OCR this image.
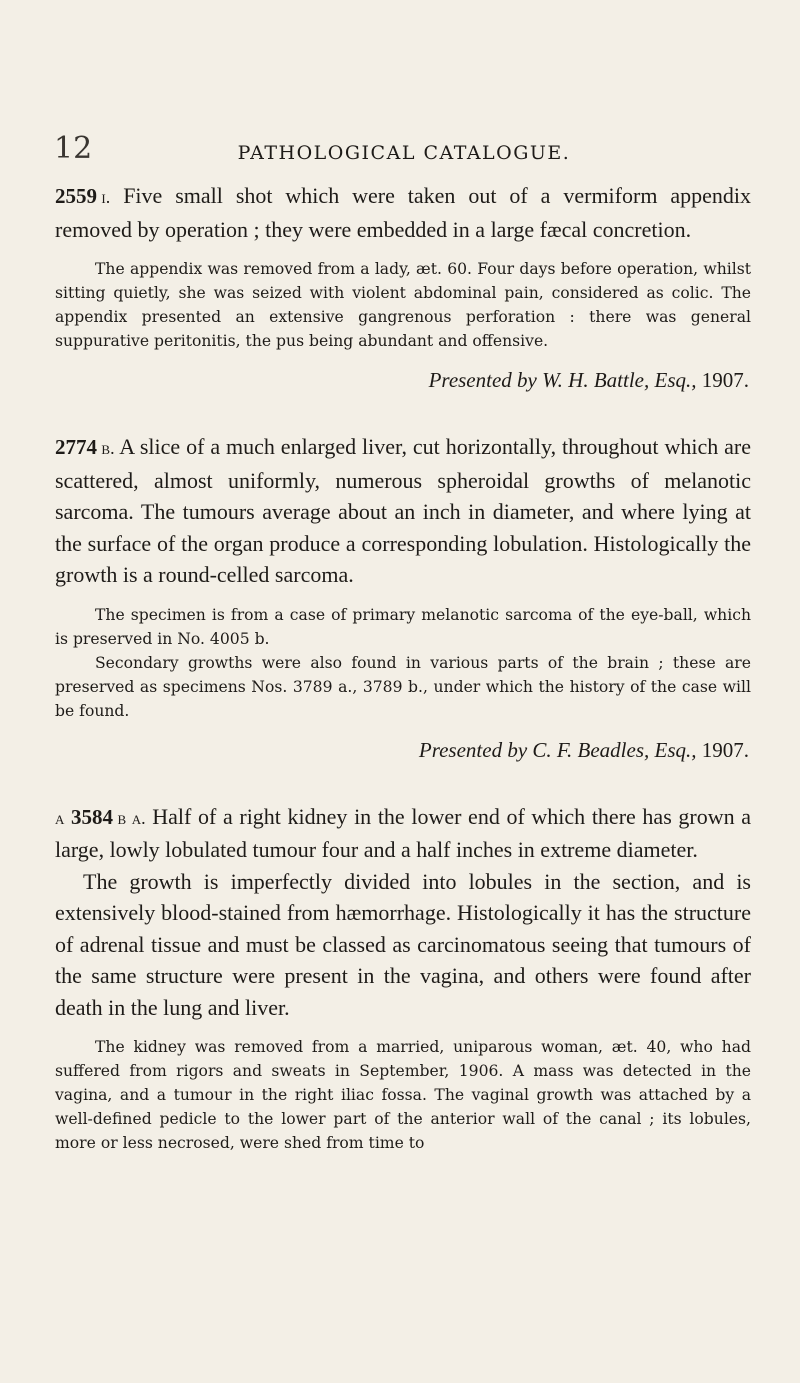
12	PATHOLOGICAL CATALOGUE.

2559  i. Five small shot which were taken out of a vermiform appendix removed by operation ; they were embedded in a large fæcal concretion.

The appendix was removed from a lady, æt. 60. Four days before operation, whilst sitting quietly, she was seized with violent abdominal pain, considered as colic. The appendix presented an extensive gangrenous perforation : there was general suppurative peritonitis, the pus being abundant and offensive.

Presented by W. H. Battle, Esq., 1907.

2774  b. A slice of a much enlarged liver, cut horizontally, throughout which are scattered, almost uniformly, numerous spheroidal growths of melanotic sarcoma. The tumours average about an inch in diameter, and where lying at the surface of the organ produce a corresponding lobulation. Histologically the growth is a round-celled sarcoma.

The specimen is from a case of primary melanotic sarcoma of the eye-ball, which is preserved in No. 4005 b.

Secondary growths were also found in various parts of the brain ; these are preserved as specimens Nos. 3789 a., 3789 b., under which the history of the case will be found.

Presented by C. F. Beadles, Esq., 1907.

a 3584  b a. Half of a right kidney in the lower end of which there has grown a large, lowly lobulated tumour four and a half inches in extreme diameter.

The growth is imperfectly divided into lobules in the section, and is extensively blood-stained from hæmorrhage. Histologically it has the structure of adrenal tissue and must be classed as carcinomatous seeing that tumours of the same structure were present in the vagina, and others were found after death in the lung and liver.

The kidney was removed from a married, uniparous woman, æt. 40, who had suffered from rigors and sweats in September, 1906. A mass was detected in the vagina, and a tumour in the right iliac fossa. The vaginal growth was attached by a well-defined pedicle to the lower part of the anterior wall of the canal ; its lobules, more or less necrosed, were shed from time to
